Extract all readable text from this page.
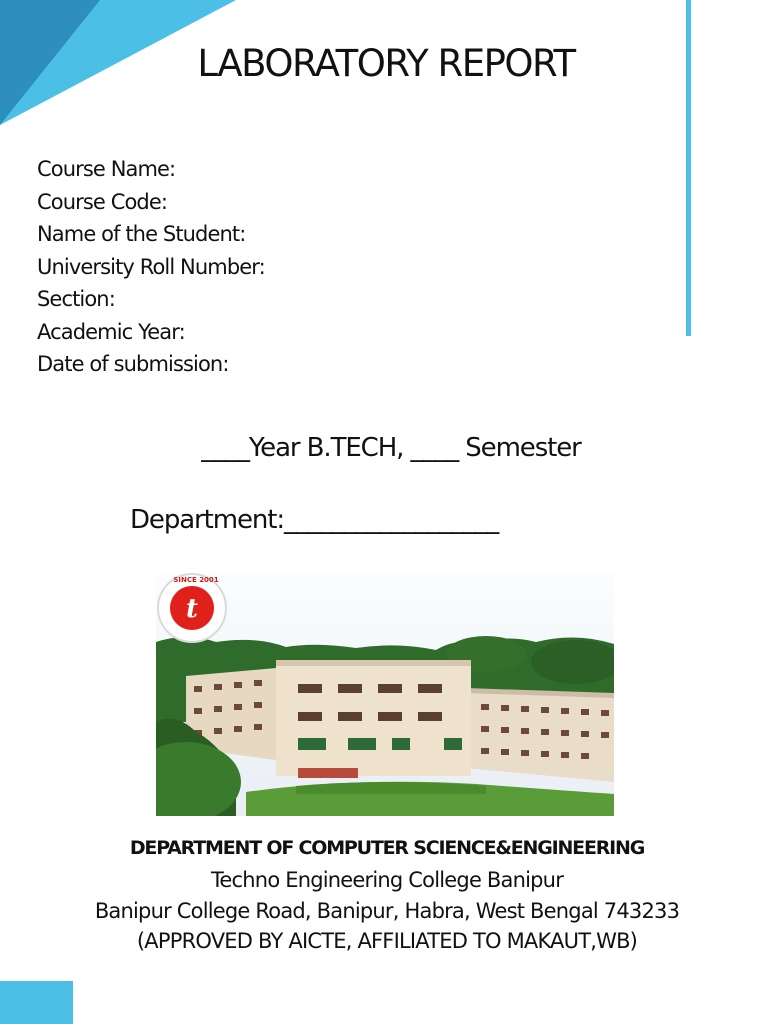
LABORATORY REPORT
Course Name:
Course Code:
Name of the Student:
University Roll Number:
Section:
Academic Year:
Date of submission:
____Year B.TECH, ____ Semester
Department:__________________
t
SINCE 2001
DEPARTMENT OF COMPUTER SCIENCE&ENGINEERING
Techno Engineering College Banipur
Banipur College Road, Banipur, Habra, West Bengal 743233
(APPROVED BY AICTE, AFFILIATED TO MAKAUT,WB)
